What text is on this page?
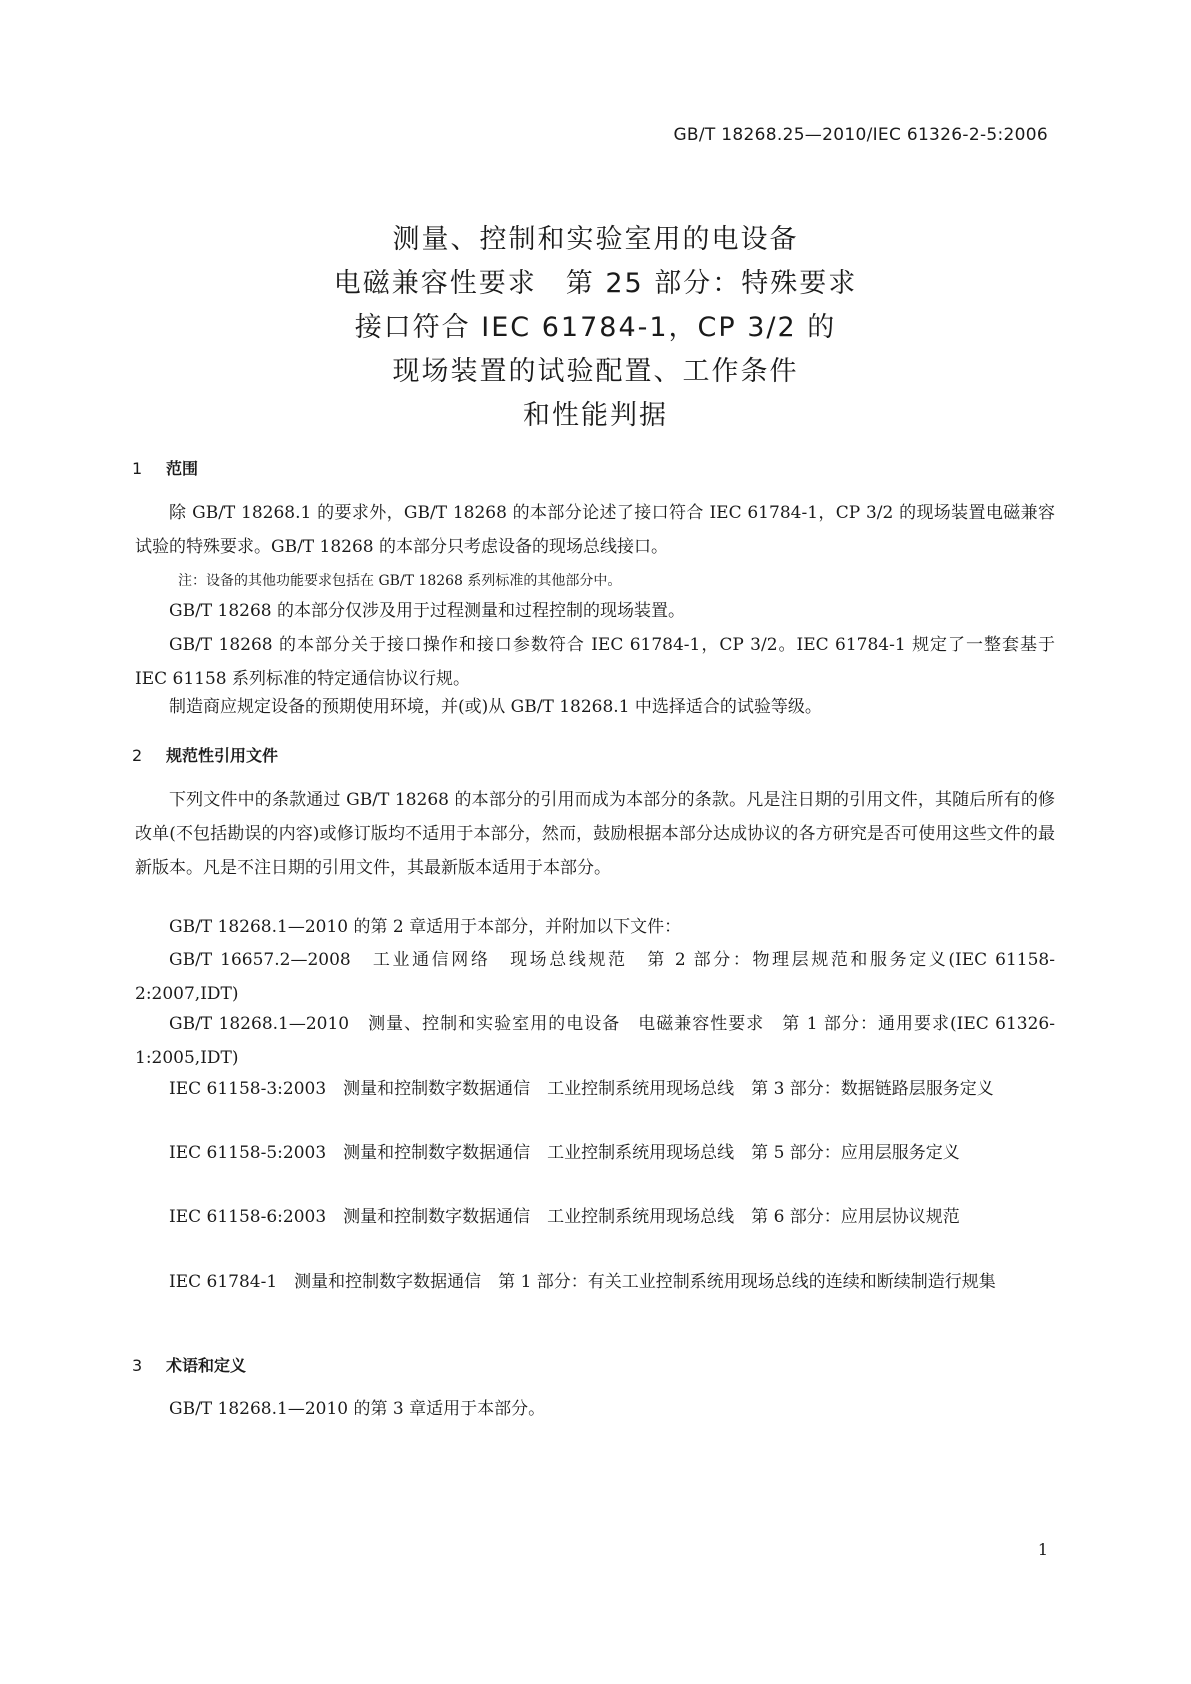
GB/T 18268.25—2010/IEC 61326-2-5:2006
测量、控制和实验室用的电设备
电磁兼容性要求　第 25 部分：特殊要求
接口符合 IEC 61784-1，CP 3/2 的
现场装置的试验配置、工作条件
和性能判据
1 范围

除 GB/T 18268.1 的要求外，GB/T 18268 的本部分论述了接口符合 IEC 61784-1，CP 3/2 的现场装置电磁兼容试验的特殊要求。GB/T 18268 的本部分只考虑设备的现场总线接口。

注：设备的其他功能要求包括在 GB/T 18268 系列标准的其他部分中。

GB/T 18268 的本部分仅涉及用于过程测量和过程控制的现场装置。

GB/T 18268 的本部分关于接口操作和接口参数符合 IEC 61784-1，CP 3/2。IEC 61784-1 规定了一整套基于 IEC 61158 系列标准的特定通信协议行规。

制造商应规定设备的预期使用环境，并(或)从 GB/T 18268.1 中选择适合的试验等级。

2 规范性引用文件

下列文件中的条款通过 GB/T 18268 的本部分的引用而成为本部分的条款。凡是注日期的引用文件，其随后所有的修改单(不包括勘误的内容)或修订版均不适用于本部分，然而，鼓励根据本部分达成协议的各方研究是否可使用这些文件的最新版本。凡是不注日期的引用文件，其最新版本适用于本部分。

GB/T 18268.1—2010 的第 2 章适用于本部分，并附加以下文件：

GB/T 16657.2—2008　工业通信网络　现场总线规范　第 2 部分：物理层规范和服务定义(IEC 61158-2:2007,IDT)

GB/T 18268.1—2010　测量、控制和实验室用的电设备　电磁兼容性要求　第 1 部分：通用要求(IEC 61326-1:2005,IDT)

IEC 61158-3:2003　测量和控制数字数据通信　工业控制系统用现场总线　第 3 部分：数据链路层服务定义

IEC 61158-5:2003　测量和控制数字数据通信　工业控制系统用现场总线　第 5 部分：应用层服务定义

IEC 61158-6:2003　测量和控制数字数据通信　工业控制系统用现场总线　第 6 部分：应用层协议规范

IEC 61784-1　测量和控制数字数据通信　第 1 部分：有关工业控制系统用现场总线的连续和断续制造行规集

3 术语和定义

GB/T 18268.1—2010 的第 3 章适用于本部分。

1
